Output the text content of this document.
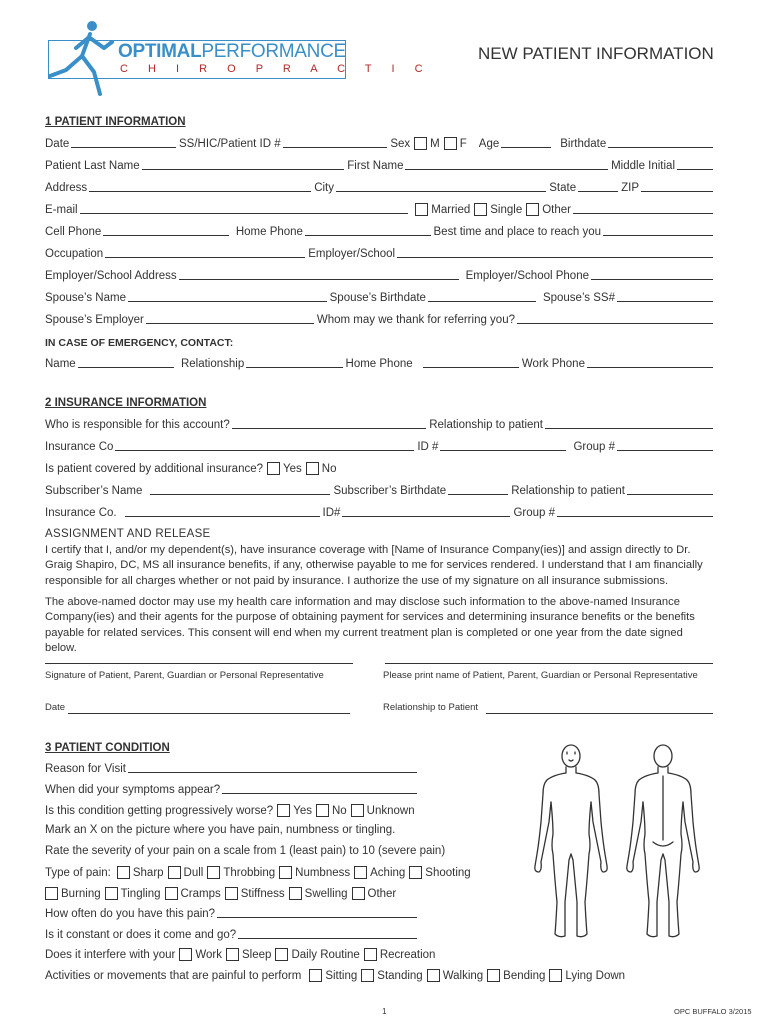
OPTIMALPERFORMANCE
C H I R O P R A C T I C
NEW PATIENT INFORMATION
1 PATIENT INFORMATION
Date	SS/HIC/Patient ID #	Sex M F Age	Birthdate
Patient Last Name	First Name	Middle Initial
Address	City	State	ZIP
E-mail	Married Single Other
Cell Phone	Home Phone	Best time and place to reach you
Occupation	Employer/School
Employer/School Address	Employer/School Phone
Spouse’s Name	Spouse’s Birthdate	Spouse’s SS#
Spouse’s Employer	Whom may we thank for referring you?
IN CASE OF EMERGENCY, CONTACT:
Name	Relationship	Home Phone	Work Phone
2 INSURANCE INFORMATION
Who is responsible for this account?	Relationship to patient
Insurance Co	ID #	Group #
Is patient covered by additional insurance? Yes No
Subscriber’s Name	Subscriber’s Birthdate	Relationship to patient
Insurance Co.	ID#	Group #
ASSIGNMENT AND RELEASE
I certify that I, and/or my dependent(s), have insurance coverage with [Name of Insurance Company(ies)] and assign directly to Dr. Graig Shapiro, DC, MS all insurance benefits, if any, otherwise payable to me for services rendered. I understand that I am financially responsible for all charges whether or not paid by insurance. I authorize the use of my signature on all insurance submissions.
The above-named doctor may use my health care information and may disclose such information to the above-named Insurance Company(ies) and their agents for the purpose of obtaining payment for services and determining insurance benefits or the benefits payable for related services. This consent will end when my current treatment plan is completed or one year from the date signed below.
Signature of Patient, Parent, Guardian or Personal Representative	Please print name of Patient, Parent, Guardian or Personal Representative
Date	Relationship to Patient
3 PATIENT CONDITION
Reason for Visit
When did your symptoms appear?
Is this condition getting progressively worse? Yes No Unknown
Mark an X on the picture where you have pain, numbness or tingling.
Rate the severity of your pain on a scale from 1 (least pain) to 10 (severe pain)
Type of pain: Sharp Dull Throbbing Numbness Aching Shooting
Burning Tingling Cramps Stiffness Swelling Other
How often do you have this pain?
Is it constant or does it come and go?
Does it interfere with your Work Sleep Daily Routine Recreation
Activities or movements that are painful to perform Sitting Standing Walking Bending Lying Down
1	OPC BUFFALO 3/2015
